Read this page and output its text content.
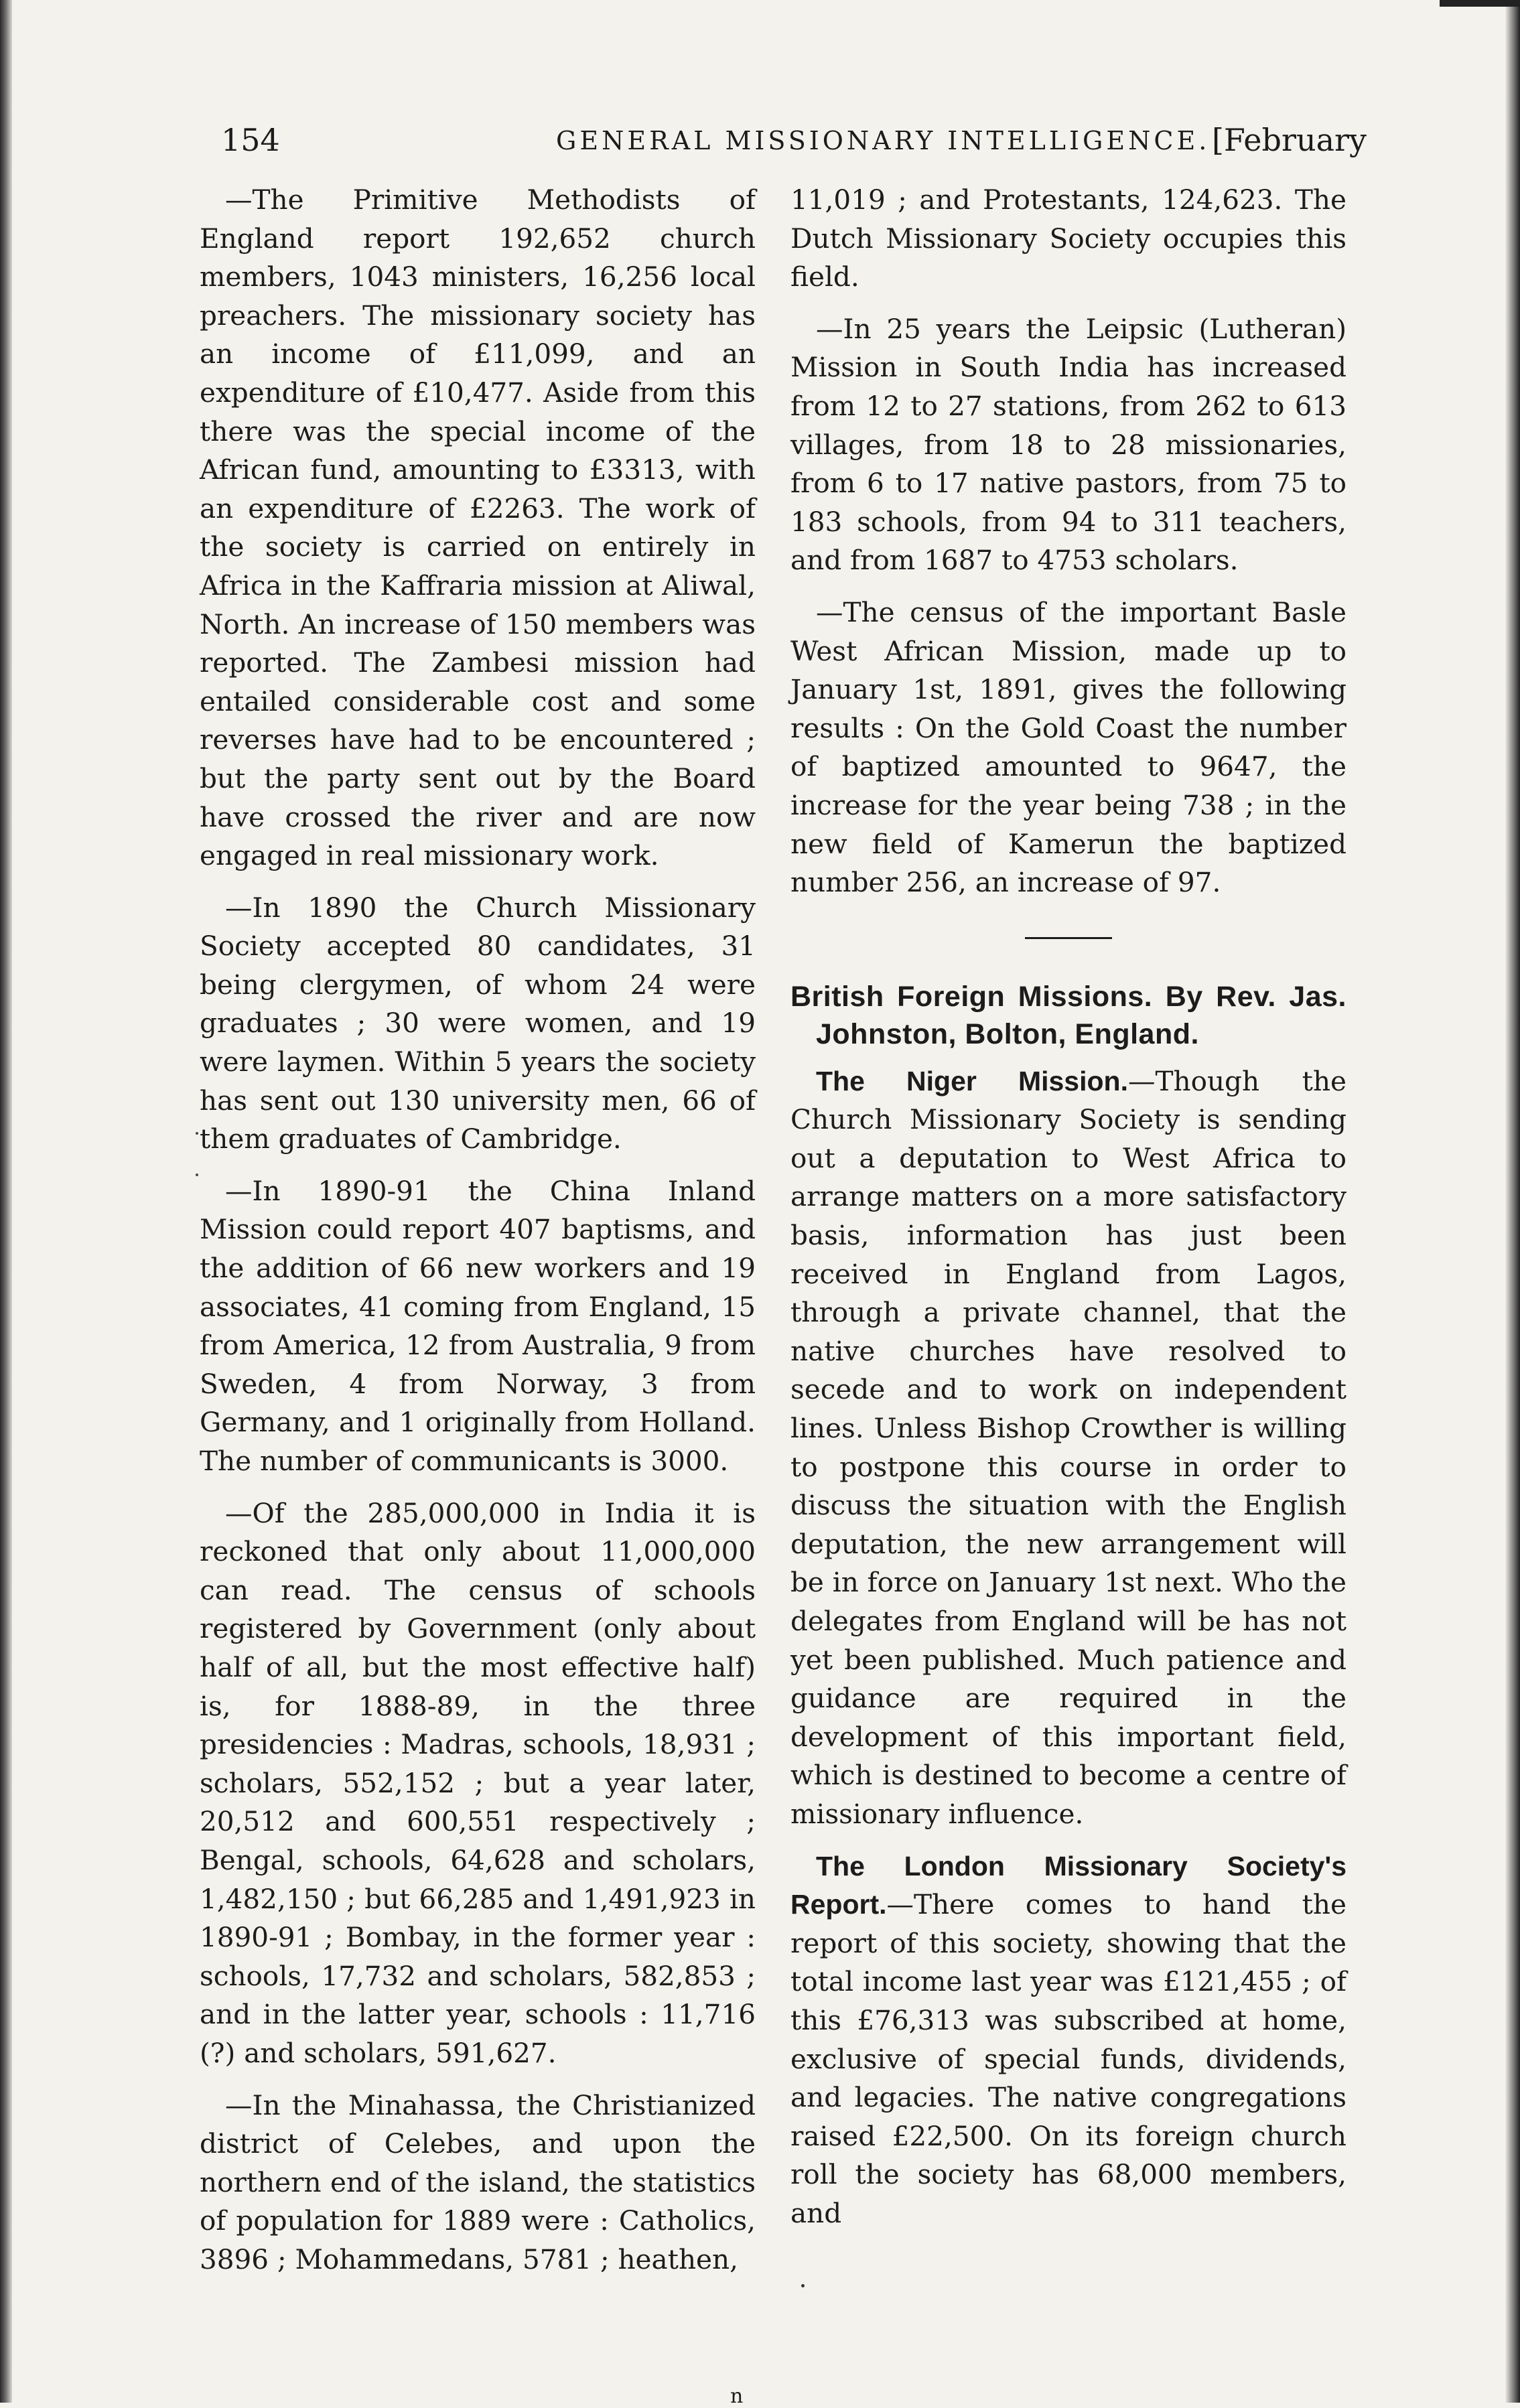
154	GENERAL MISSIONARY INTELLIGENCE. [February

—The Primitive Methodists of England report 192,652 church members, 1043 ministers, 16,256 local preachers. The missionary society has an income of £11,099, and an expenditure of £10,477. Aside from this there was the special income of the African fund, amounting to £3313, with an expenditure of £2263. The work of the society is carried on entirely in Africa in the Kaffraria mission at Aliwal, North. An increase of 150 members was reported. The Zambesi mission had entailed considerable cost and some reverses have had to be encountered ; but the party sent out by the Board have crossed the river and are now engaged in real missionary work.

—In 1890 the Church Missionary Society accepted 80 candidates, 31 being clergymen, of whom 24 were graduates ; 30 were women, and 19 were laymen. Within 5 years the society has sent out 130 university men, 66 of them graduates of Cambridge.

—In 1890-91 the China Inland Mission could report 407 baptisms, and the addition of 66 new workers and 19 associates, 41 coming from England, 15 from America, 12 from Australia, 9 from Sweden, 4 from Norway, 3 from Germany, and 1 originally from Holland. The number of communicants is 3000.

—Of the 285,000,000 in India it is reckoned that only about 11,000,000 can read. The census of schools registered by Government (only about half of all, but the most effective half) is, for 1888-89, in the three presidencies : Madras, schools, 18,931 ; scholars, 552,152 ; but a year later, 20,512 and 600,551 respectively ; Bengal, schools, 64,628 and scholars, 1,482,150 ; but 66,285 and 1,491,923 in 1890-91 ; Bombay, in the former year : schools, 17,732 and scholars, 582,853 ; and in the latter year, schools : 11,716 (?) and scholars, 591,627.

—In the Minahassa, the Christianized district of Celebes, and upon the northern end of the island, the statistics of population for 1889 were : Catholics, 3896 ; Mohammedans, 5781 ; heathen,

11,019 ; and Protestants, 124,623. The Dutch Missionary Society occupies this field.

—In 25 years the Leipsic (Lutheran) Mission in South India has increased from 12 to 27 stations, from 262 to 613 villages, from 18 to 28 missionaries, from 6 to 17 native pastors, from 75 to 183 schools, from 94 to 311 teachers, and from 1687 to 4753 scholars.

—The census of the important Basle West African Mission, made up to January 1st, 1891, gives the following results : On the Gold Coast the number of baptized amounted to 9647, the increase for the year being 738 ; in the new field of Kamerun the baptized number 256, an increase of 97.

British Foreign Missions. By Rev. Jas. Johnston, Bolton, England.

The Niger Mission.—Though the Church Missionary Society is sending out a deputation to West Africa to arrange matters on a more satisfactory basis, information has just been received in England from Lagos, through a private channel, that the native churches have resolved to secede and to work on independent lines. Unless Bishop Crowther is willing to postpone this course in order to discuss the situation with the English deputation, the new arrangement will be in force on January 1st next. Who the delegates from England will be has not yet been published. Much patience and guidance are required in the development of this important field, which is destined to become a centre of missionary influence.

The London Missionary Society's Report.—There comes to hand the report of this society, showing that the total income last year was £121,455 ; of this £76,313 was subscribed at home, exclusive of special funds, dividends, and legacies. The native congregations raised £22,500. On its foreign church roll the society has 68,000 members, and

n
